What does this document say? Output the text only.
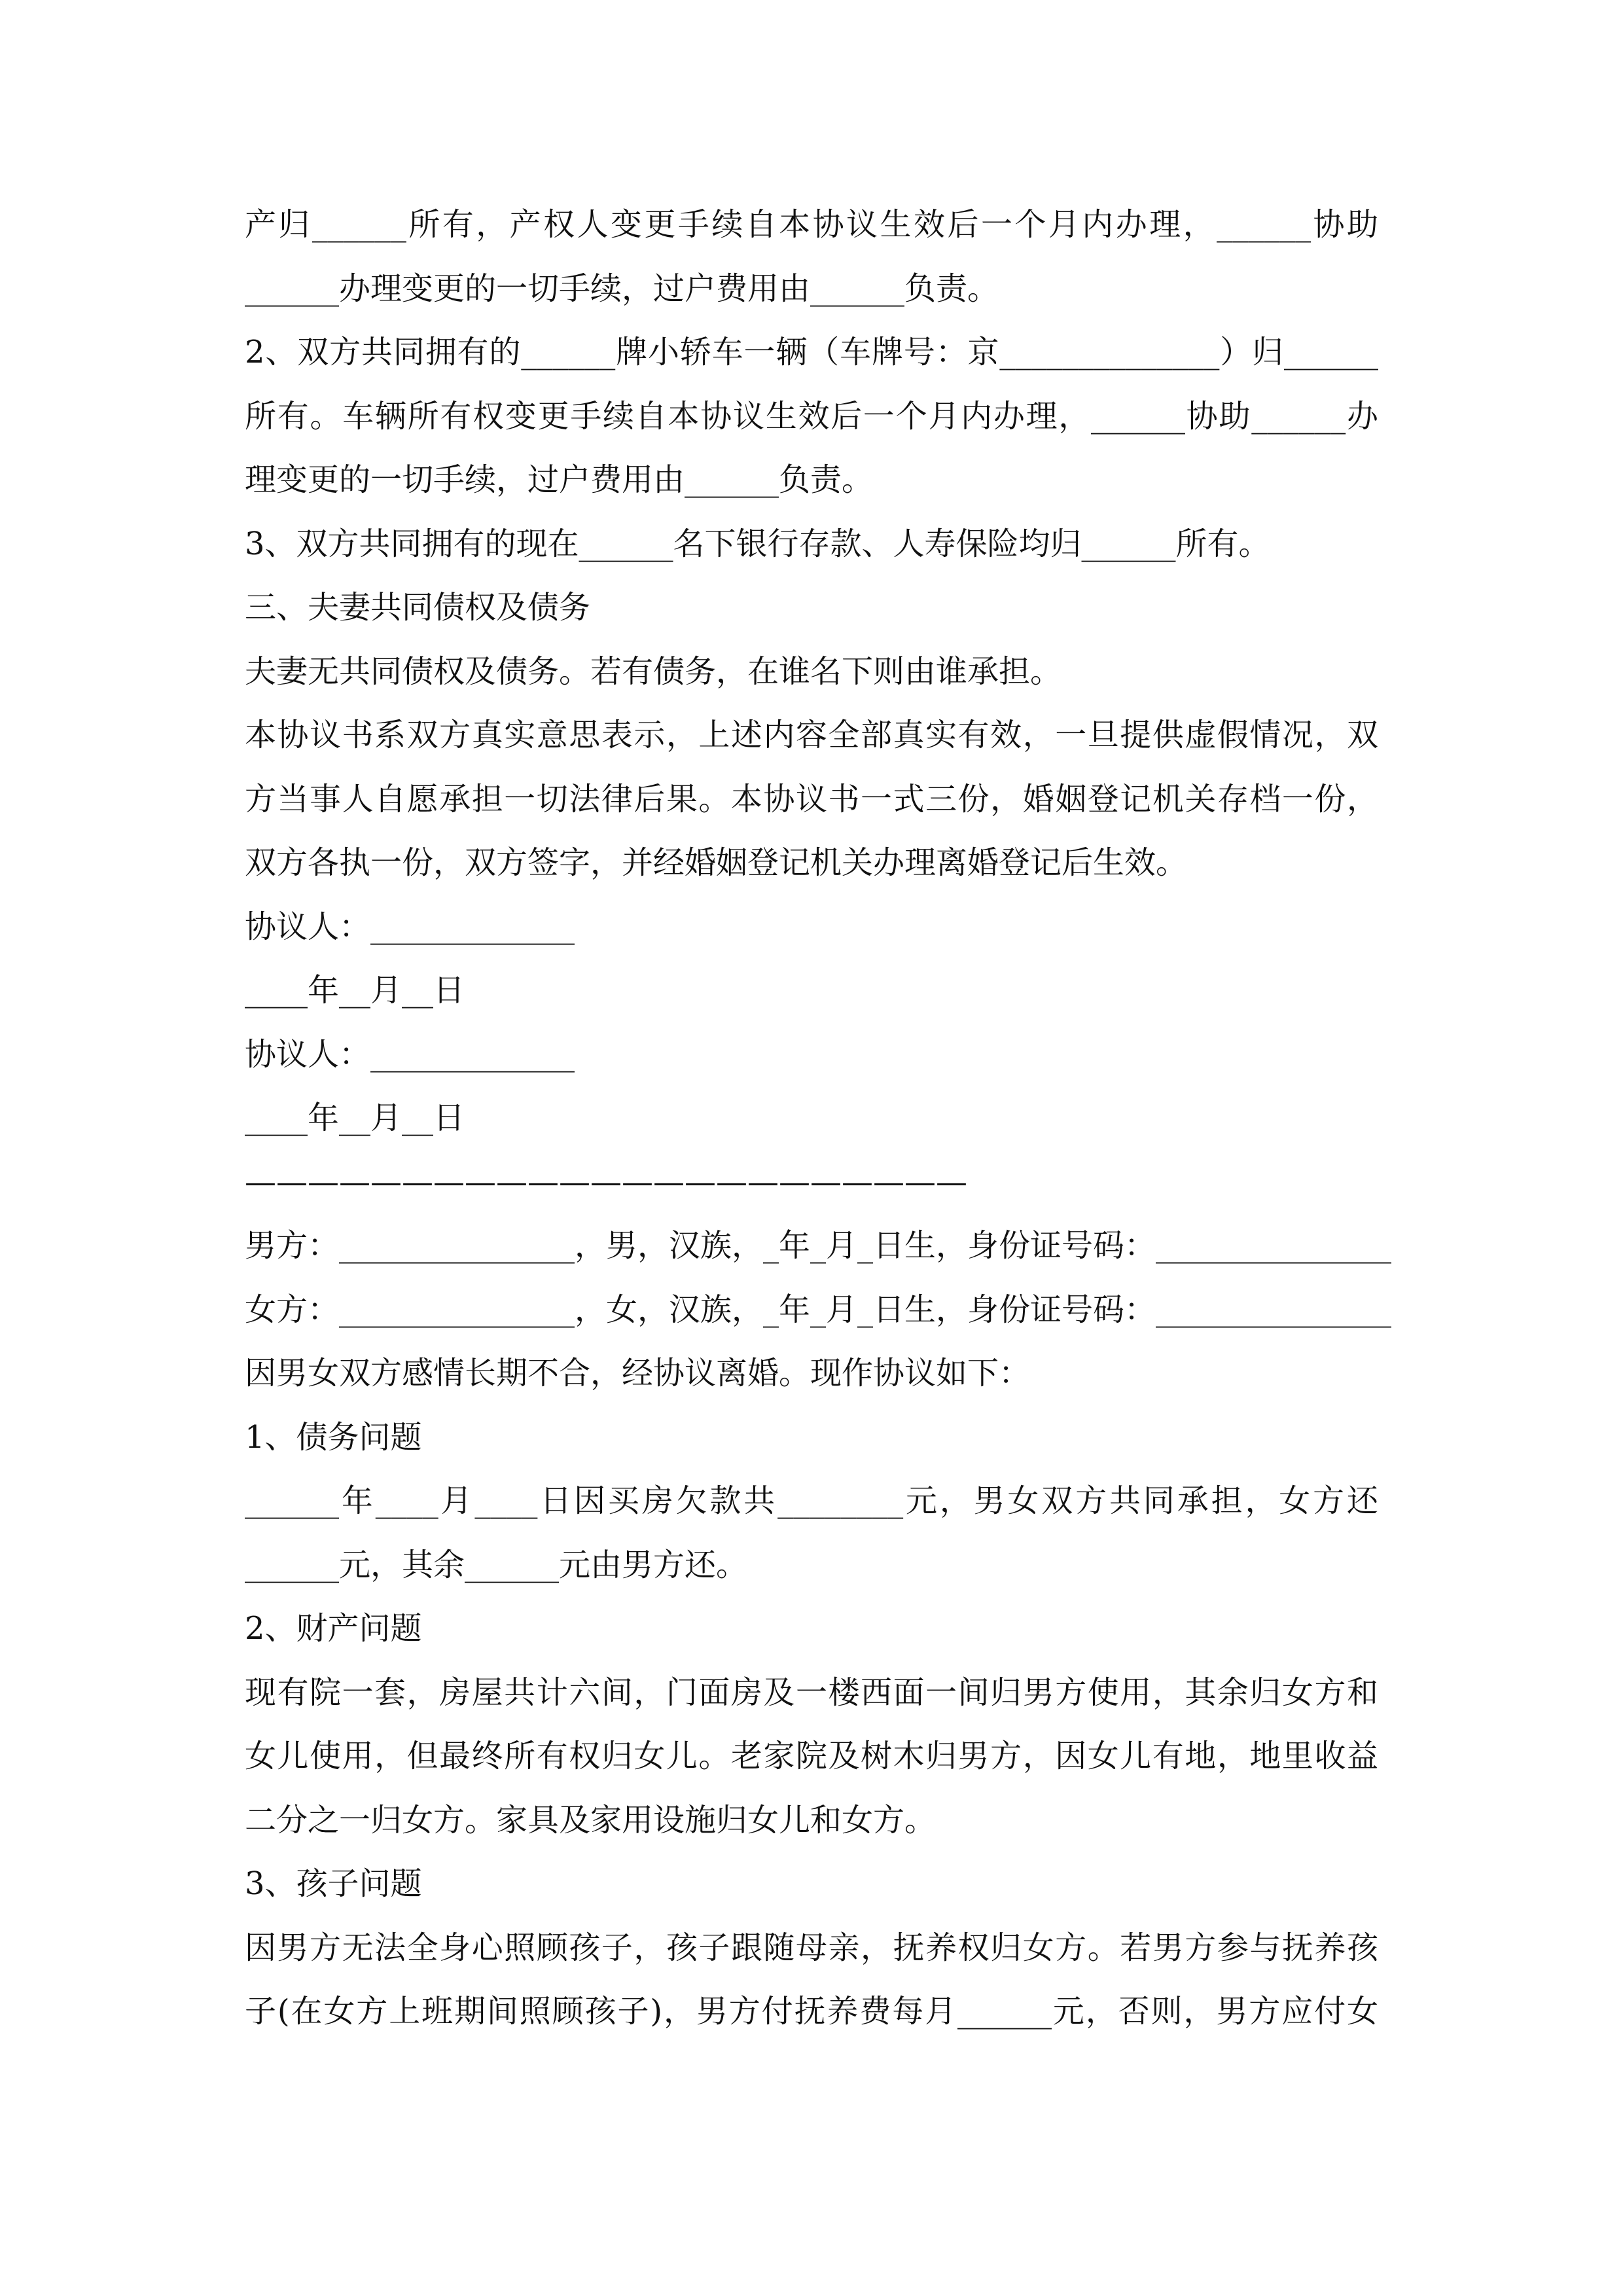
产归______所有，产权人变更手续自本协议生效后一个月内办理，______协助
______办理变更的一切手续，过户费用由______负责。
2、双方共同拥有的______牌小轿车一辆（车牌号：京______________）归______
所有。车辆所有权变更手续自本协议生效后一个月内办理，______协助______办
理变更的一切手续，过户费用由______负责。
3、双方共同拥有的现在______名下银行存款、人寿保险均归______所有。
三、夫妻共同债权及债务
夫妻无共同债权及债务。若有债务，在谁名下则由谁承担。
本协议书系双方真实意思表示，上述内容全部真实有效，一旦提供虚假情况，双
方当事人自愿承担一切法律后果。本协议书一式三份，婚姻登记机关存档一份，
双方各执一份，双方签字，并经婚姻登记机关办理离婚登记后生效。
协议人：_____________
____年__月__日
协议人：_____________
____年__月__日
———————————————————————
男方：_______________，男，汉族，_年_月_日生，身份证号码：_______________
女方：_______________，女，汉族，_年_月_日生，身份证号码：_______________
因男女双方感情长期不合，经协议离婚。现作协议如下：
1、债务问题
______年____月____日因买房欠款共________元，男女双方共同承担，女方还
______元，其余______元由男方还。
2、财产问题
现有院一套，房屋共计六间，门面房及一楼西面一间归男方使用，其余归女方和
女儿使用，但最终所有权归女儿。老家院及树木归男方，因女儿有地，地里收益
二分之一归女方。家具及家用设施归女儿和女方。
3、孩子问题
因男方无法全身心照顾孩子，孩子跟随母亲，抚养权归女方。若男方参与抚养孩
子(在女方上班期间照顾孩子)，男方付抚养费每月______元，否则，男方应付女
